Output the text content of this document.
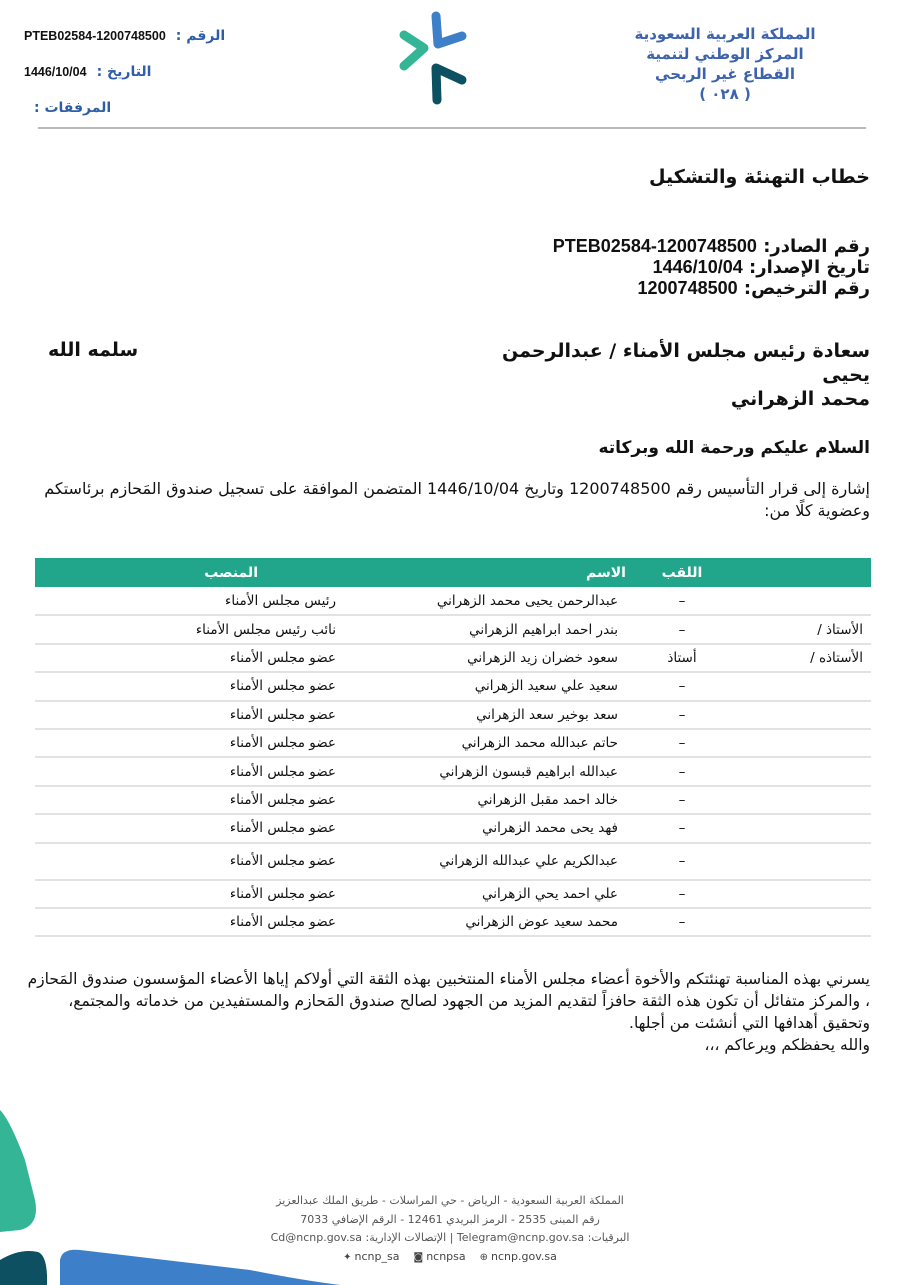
الرقم :
PTEB02584-1200748500
التاريخ :
1446/10/04
المرفقات :
المملكة العربية السعودية
المركز الوطني لتنمية
القطاع غير الربحي
( ٠٢٨ )
خطاب التهنئة والتشكيل
رقم الصادر: PTEB02584-1200748500
تاريخ الإصدار: 1446/10/04
رقم الترخيص: 1200748500
سعادة رئيس مجلس الأمناء / عبدالرحمن يحيى
محمد الزهراني
سلمه الله
السلام عليكم ورحمة الله وبركاته
إشارة إلى قرار التأسيس رقم 1200748500 وتاريخ 1446/10/04 المتضمن الموافقة على تسجيل صندوق المَحازم برئاستكم وعضوية كلًا من:
	اللقب	الاسم	المنصب
	–	عبدالرحمن يحيى محمد الزهراني	رئيس مجلس الأمناء
الأستاذ /	–	بندر احمد ابراهيم الزهراني	نائب رئيس مجلس الأمناء
الأستاذه /	أستاذ	سعود خضران زيد الزهراني	عضو مجلس الأمناء
	–	سعيد علي سعيد الزهراني	عضو مجلس الأمناء
	–	سعد بوخير سعد الزهراني	عضو مجلس الأمناء
	–	حاتم عبدالله محمد الزهراني	عضو مجلس الأمناء
	–	عبدالله ابراهيم قبسون الزهراني	عضو مجلس الأمناء
	–	خالد احمد مقبل الزهراني	عضو مجلس الأمناء
	–	فهد يحى محمد الزهراني	عضو مجلس الأمناء
	–	عبدالكريم علي عبدالله الزهراني	عضو مجلس الأمناء
	–	علي احمد يحي الزهراني	عضو مجلس الأمناء
	–	محمد سعيد عوض الزهراني	عضو مجلس الأمناء
يسرني بهذه المناسبة تهنئتكم والأخوة أعضاء مجلس الأمناء المنتخبين بهذه الثقة التي أولاكم إياها الأعضاء المؤسسون صندوق المَحازم ، والمركز متفائل أن تكون هذه الثقة حافزاً لتقديم المزيد من الجهود لصالح صندوق المَحازم والمستفيدين من خدماته والمجتمع، وتحقيق أهدافها التي أنشئت من أجلها.
والله يحفظكم ويرعاكم ،،،
المملكة العربية السعودية - الرياض - حي المراسلات - طريق الملك عبدالعزيز
رقم المبنى 2535 - الرمز البريدي 12461 - الرقم الإضافي 7033
البرقيات: Telegram@ncnp.gov.sa | الإتصالات الإدارية: Cd@ncnp.gov.sa
✦ ncnp_sa ◙ ncnpsa ⊕ ncnp.gov.sa
